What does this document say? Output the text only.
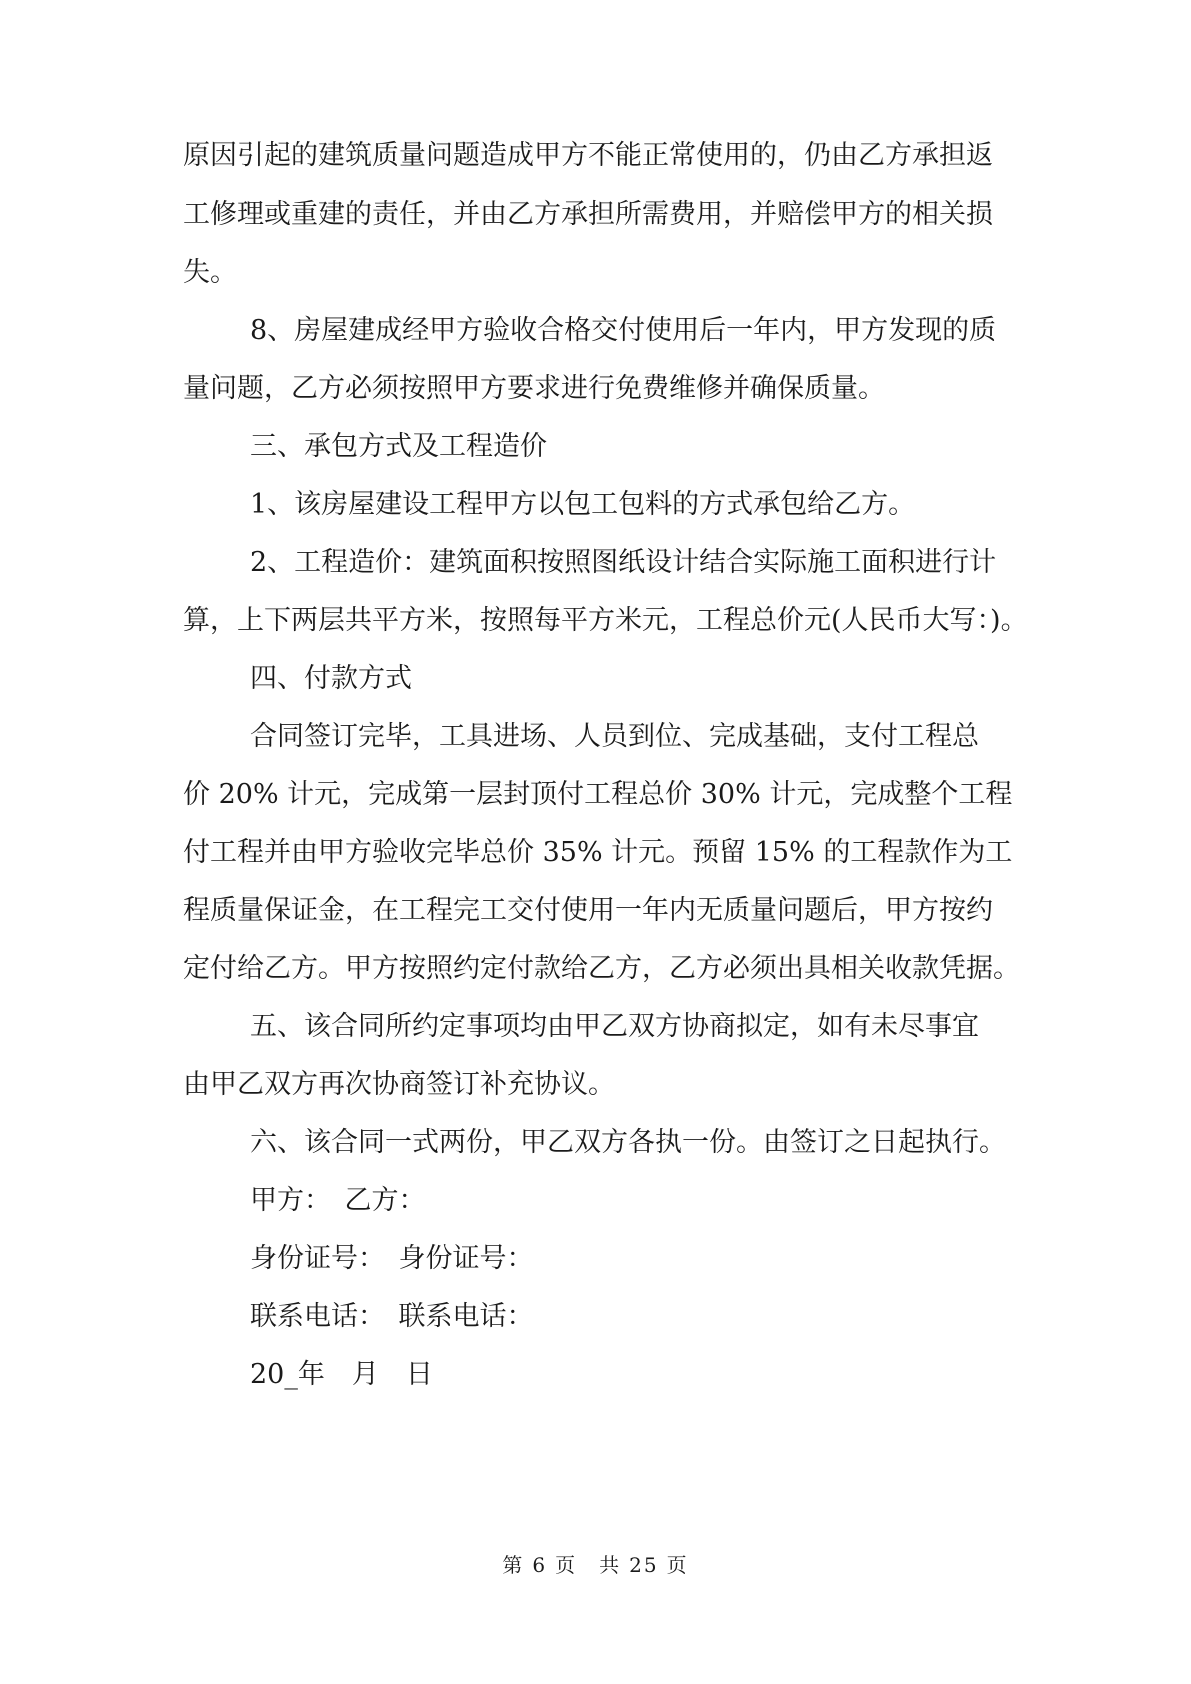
原因引起的建筑质量问题造成甲方不能正常使用的，仍由乙方承担返
工修理或重建的责任，并由乙方承担所需费用，并赔偿甲方的相关损
失。
8、房屋建成经甲方验收合格交付使用后一年内，甲方发现的质
量问题，乙方必须按照甲方要求进行免费维修并确保质量。
三、承包方式及工程造价
1、该房屋建设工程甲方以包工包料的方式承包给乙方。
2、工程造价：建筑面积按照图纸设计结合实际施工面积进行计
算，上下两层共平方米，按照每平方米元，工程总价元(人民币大写：)。
四、付款方式
合同签订完毕，工具进场、人员到位、完成基础，支付工程总
价 20% 计元，完成第一层封顶付工程总价 30% 计元，完成整个工程
付工程并由甲方验收完毕总价 35% 计元。预留 15% 的工程款作为工
程质量保证金，在工程完工交付使用一年内无质量问题后，甲方按约
定付给乙方。甲方按照约定付款给乙方，乙方必须出具相关收款凭据。
五、该合同所约定事项均由甲乙双方协商拟定，如有未尽事宜
由甲乙双方再次协商签订补充协议。
六、该合同一式两份，甲乙双方各执一份。由签订之日起执行。
甲方：　乙方：
身份证号：　身份证号：
联系电话：　联系电话：
20_年　月　日
第 6 页　共 25 页
